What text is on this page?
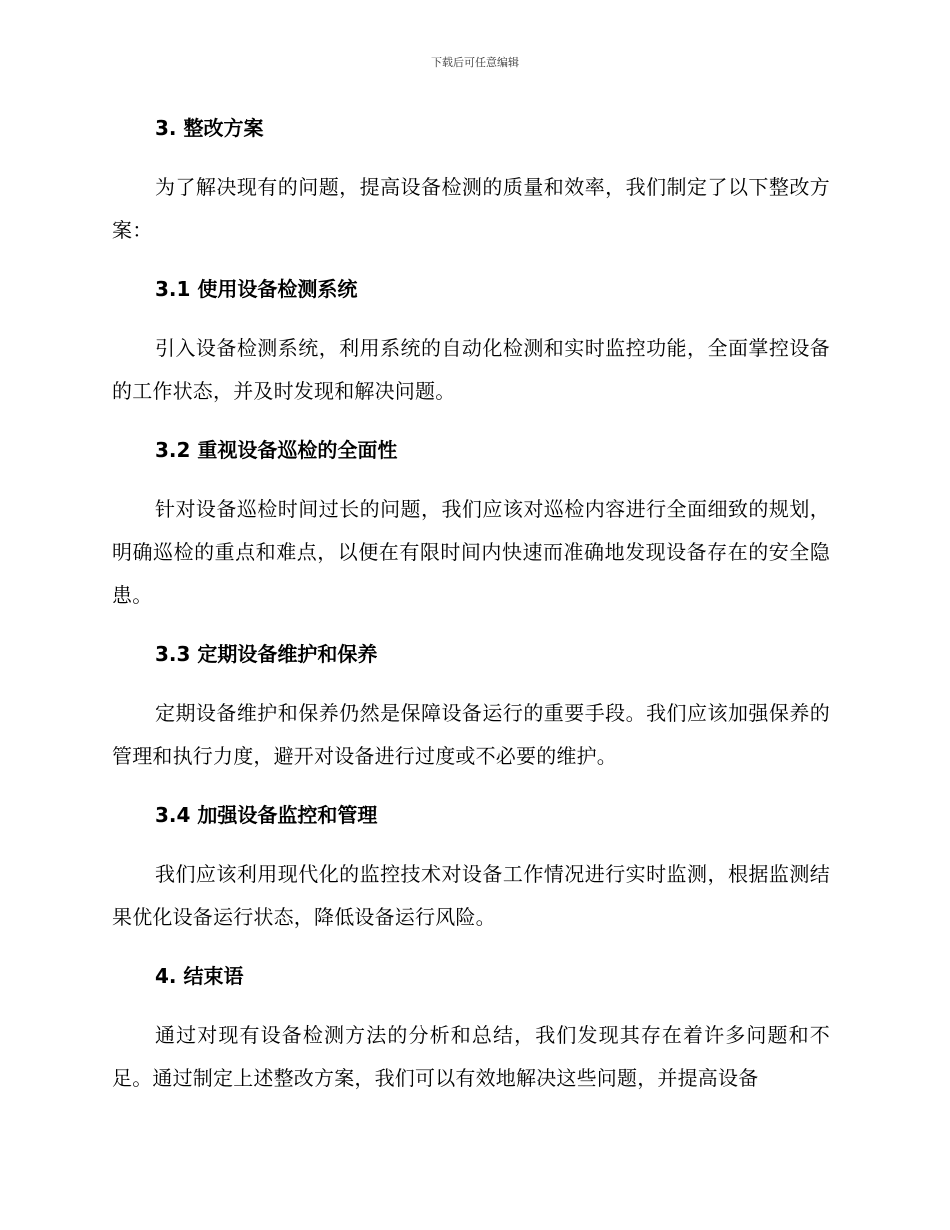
下载后可任意编辑
3. 整改方案

为了解决现有的问题，提高设备检测的质量和效率，我们制定了以下整改方案：

3.1 使用设备检测系统

引入设备检测系统，利用系统的自动化检测和实时监控功能，全面掌控设备的工作状态，并及时发现和解决问题。

3.2 重视设备巡检的全面性

针对设备巡检时间过长的问题，我们应该对巡检内容进行全面细致的规划，明确巡检的重点和难点，以便在有限时间内快速而准确地发现设备存在的安全隐患。

3.3 定期设备维护和保养

定期设备维护和保养仍然是保障设备运行的重要手段。我们应该加强保养的管理和执行力度，避开对设备进行过度或不必要的维护。

3.4 加强设备监控和管理

我们应该利用现代化的监控技术对设备工作情况进行实时监测，根据监测结果优化设备运行状态，降低设备运行风险。

4. 结束语

通过对现有设备检测方法的分析和总结，我们发现其存在着许多问题和不足。通过制定上述整改方案，我们可以有效地解决这些问题，并提高设备
